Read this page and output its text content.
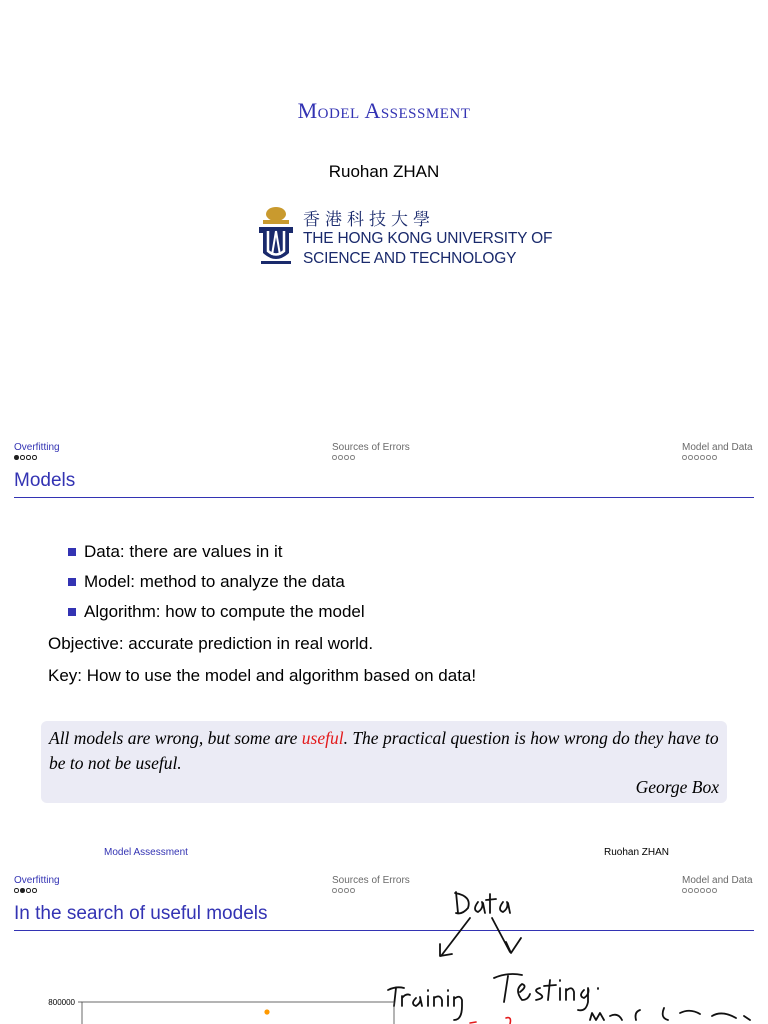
Model Assessment
Ruohan ZHAN
香港科技大學
THE HONG KONG UNIVERSITY OF
SCIENCE AND TECHNOLOGY
Overfitting	Sources of Errors	Model and Data
Models
Data: there are values in it
Model: method to analyze the data
Algorithm: how to compute the model
Objective: accurate prediction in real world.
Key: How to use the model and algorithm based on data!
All models are wrong, but some are useful. The practical question is how wrong do they have to be to not be useful.
George Box
Model Assessment	Ruohan ZHAN
Overfitting	Sources of Errors	Model and Data
In the search of useful models
800000
